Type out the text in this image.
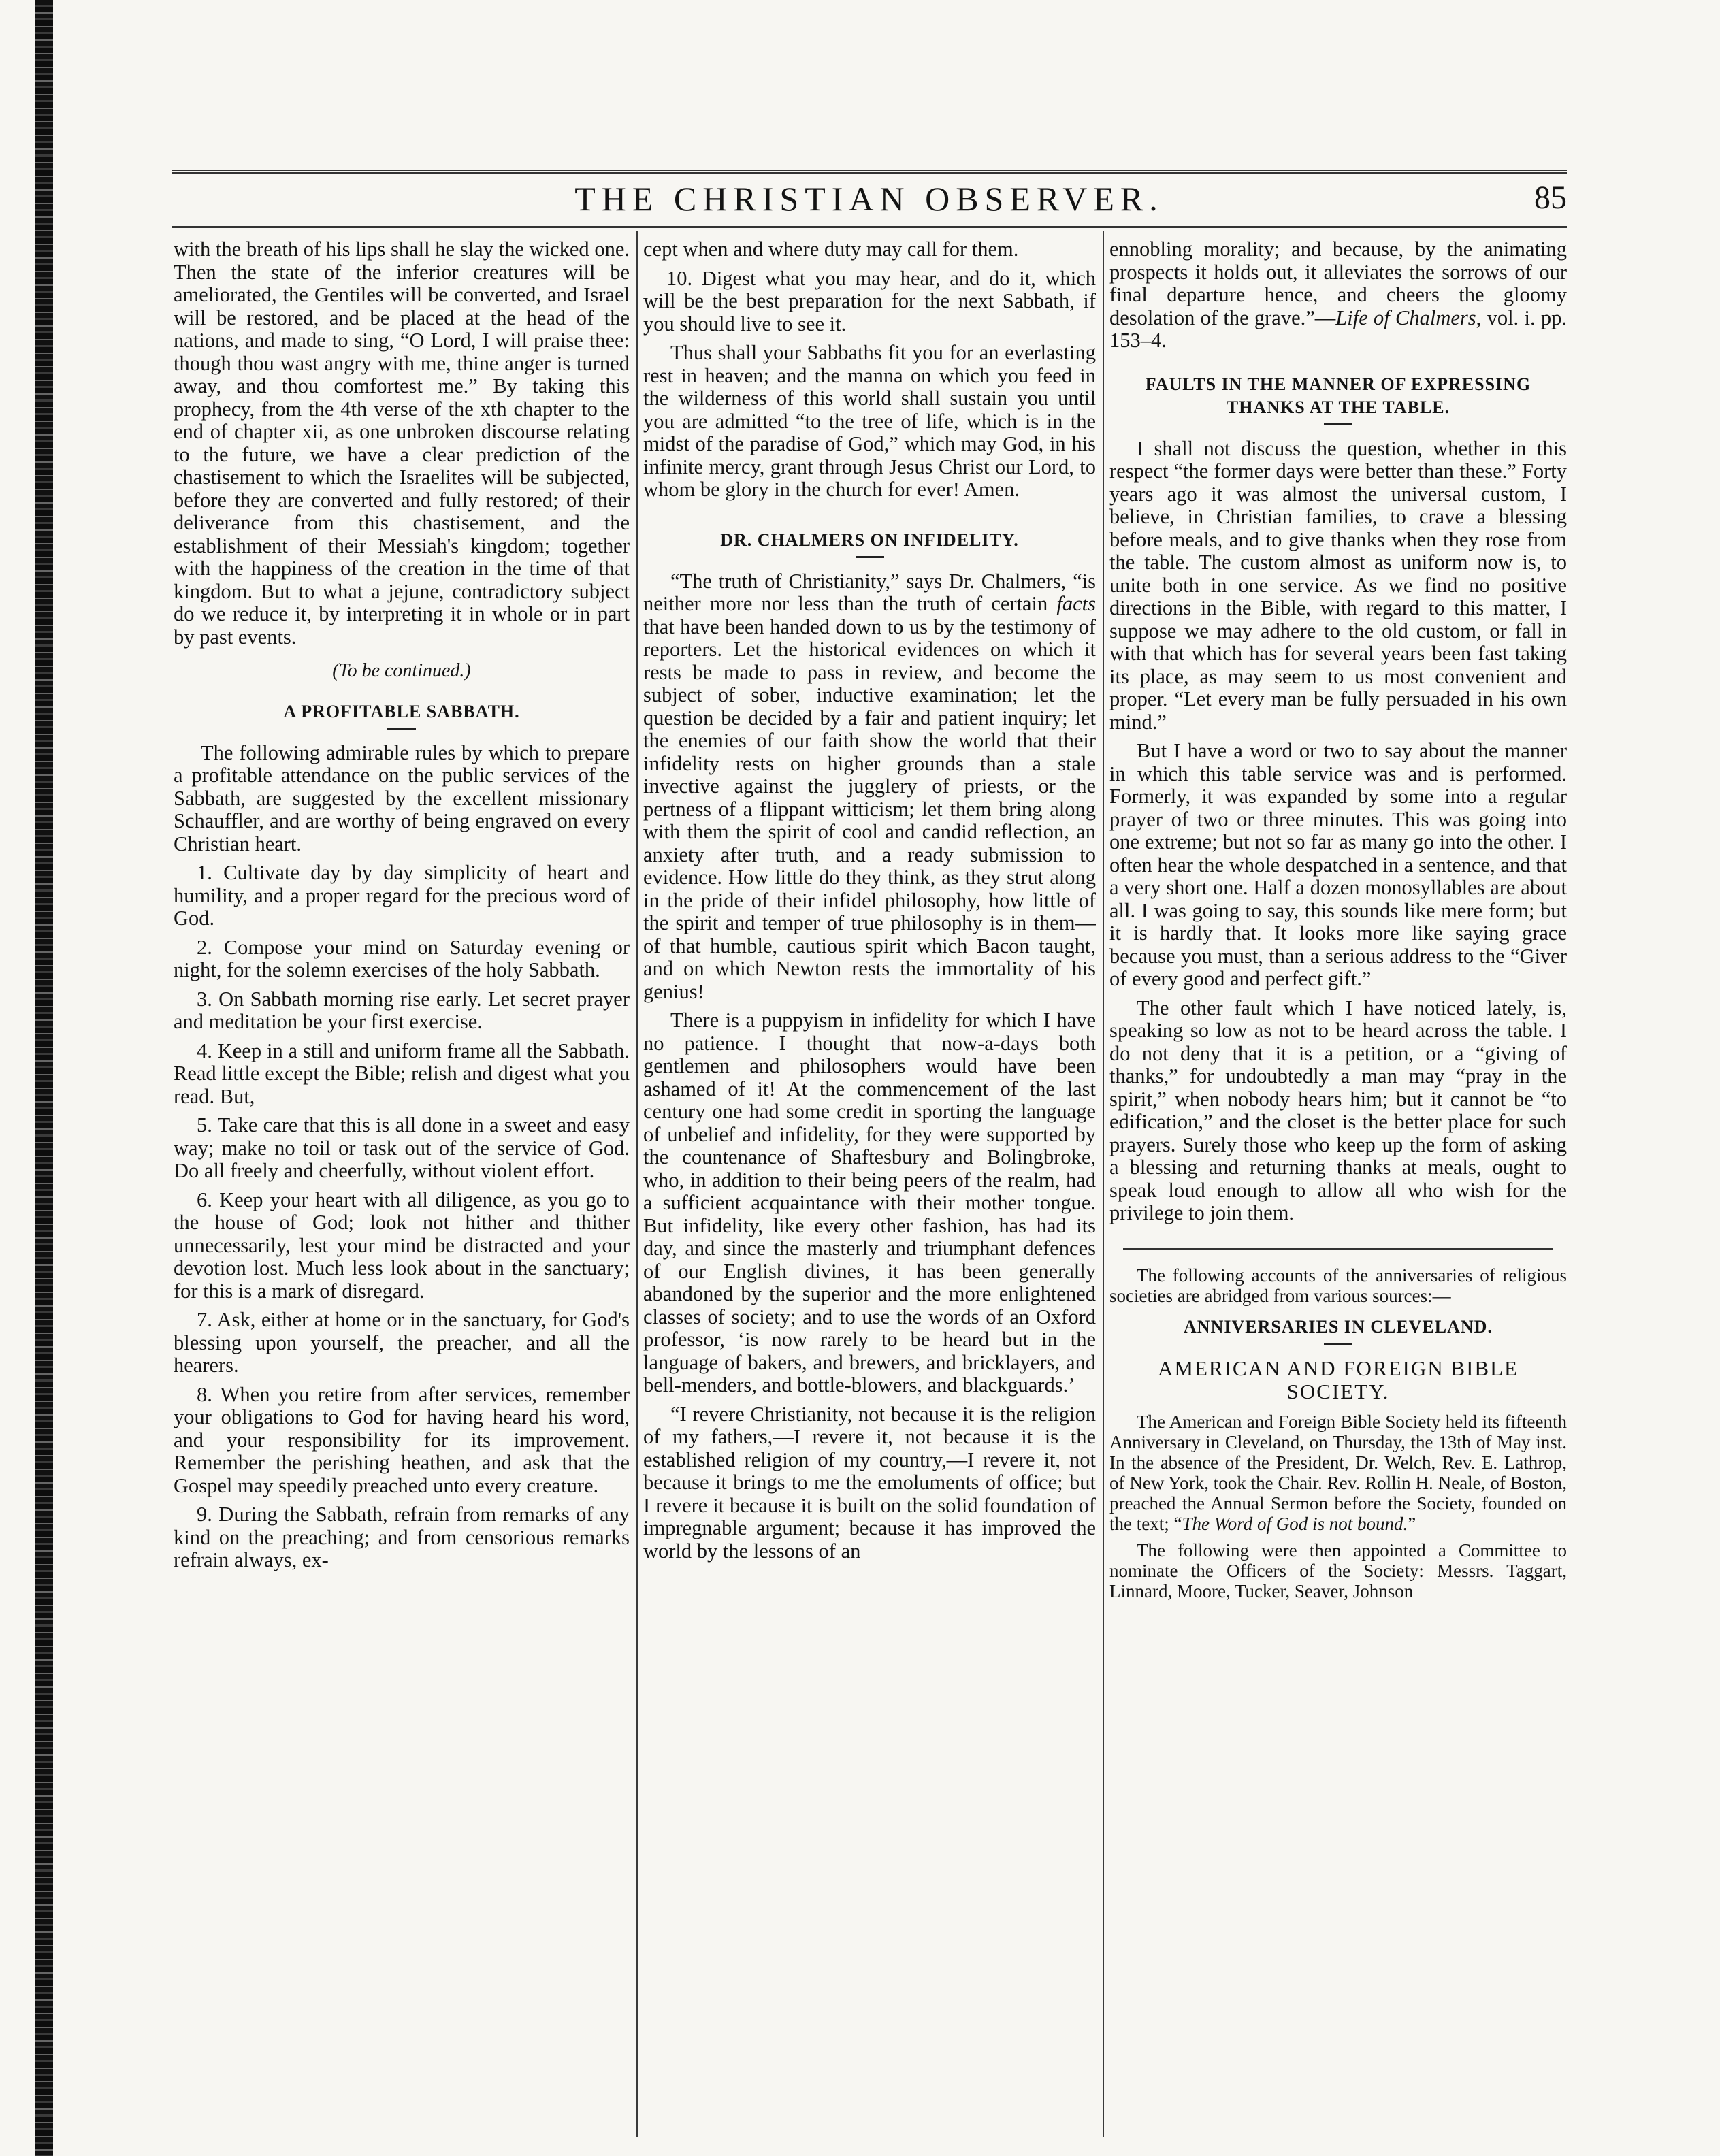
THE CHRISTIAN OBSERVER.	85

with the breath of his lips shall he slay the wicked one. Then the state of the inferior creatures will be ameliorated, the Gentiles will be converted, and Israel will be restored, and be placed at the head of the nations, and made to sing, “O Lord, I will praise thee: though thou wast angry with me, thine anger is turned away, and thou comfortest me.” By taking this prophecy, from the 4th verse of the xth chapter to the end of chapter xii, as one unbroken discourse relating to the future, we have a clear prediction of the chastisement to which the Israelites will be subjected, before they are converted and fully restored; of their deliverance from this chastisement, and the establishment of their Messiah's kingdom; together with the happiness of the creation in the time of that kingdom. But to what a jejune, contradictory subject do we reduce it, by interpreting it in whole or in part by past events.

(To be continued.)
A PROFITABLE SABBATH.

The following admirable rules by which to prepare a profitable attendance on the public services of the Sabbath, are suggested by the excellent missionary Schauffler, and are worthy of being engraved on every Christian heart.

1. Cultivate day by day simplicity of heart and humility, and a proper regard for the precious word of God.

2. Compose your mind on Saturday evening or night, for the solemn exercises of the holy Sabbath.

3. On Sabbath morning rise early. Let secret prayer and meditation be your first exercise.

4. Keep in a still and uniform frame all the Sabbath. Read little except the Bible; relish and digest what you read. But,

5. Take care that this is all done in a sweet and easy way; make no toil or task out of the service of God. Do all freely and cheerfully, without violent effort.

6. Keep your heart with all diligence, as you go to the house of God; look not hither and thither unnecessarily, lest your mind be distracted and your devotion lost. Much less look about in the sanctuary; for this is a mark of disregard.

7. Ask, either at home or in the sanctuary, for God's blessing upon yourself, the preacher, and all the hearers.

8. When you retire from after services, remember your obligations to God for having heard his word, and your responsibility for its improvement. Remember the perishing heathen, and ask that the Gospel may speedily preached unto every creature.

9. During the Sabbath, refrain from remarks of any kind on the preaching; and from censorious remarks refrain always, ex-

cept when and where duty may call for them.

10. Digest what you may hear, and do it, which will be the best preparation for the next Sabbath, if you should live to see it.

Thus shall your Sabbaths fit you for an everlasting rest in heaven; and the manna on which you feed in the wilderness of this world shall sustain you until you are admitted “to the tree of life, which is in the midst of the paradise of God,” which may God, in his infinite mercy, grant through Jesus Christ our Lord, to whom be glory in the church for ever! Amen.

DR. CHALMERS ON INFIDELITY.

“The truth of Christianity,” says Dr. Chalmers, “is neither more nor less than the truth of certain facts that have been handed down to us by the testimony of reporters. Let the historical evidences on which it rests be made to pass in review, and become the subject of sober, inductive examination; let the question be decided by a fair and patient inquiry; let the enemies of our faith show the world that their infidelity rests on higher grounds than a stale invective against the jugglery of priests, or the pertness of a flippant witticism; let them bring along with them the spirit of cool and candid reflection, an anxiety after truth, and a ready submission to evidence. How little do they think, as they strut along in the pride of their infidel philosophy, how little of the spirit and temper of true philosophy is in them—of that humble, cautious spirit which Bacon taught, and on which Newton rests the immortality of his genius!

There is a puppyism in infidelity for which I have no patience. I thought that now-a-days both gentlemen and philosophers would have been ashamed of it! At the commencement of the last century one had some credit in sporting the language of unbelief and infidelity, for they were supported by the countenance of Shaftesbury and Bolingbroke, who, in addition to their being peers of the realm, had a sufficient acquaintance with their mother tongue. But infidelity, like every other fashion, has had its day, and since the masterly and triumphant defences of our English divines, it has been generally abandoned by the superior and the more enlightened classes of society; and to use the words of an Oxford professor, ‘is now rarely to be heard but in the language of bakers, and brewers, and bricklayers, and bell-menders, and bottle-blowers, and blackguards.’

“I revere Christianity, not because it is the religion of my fathers,—I revere it, not because it is the established religion of my country,—I revere it, not because it brings to me the emoluments of office; but I revere it because it is built on the solid foundation of impregnable argument; because it has improved the world by the lessons of an

ennobling morality; and because, by the animating prospects it holds out, it alleviates the sorrows of our final departure hence, and cheers the gloomy desolation of the grave.”—Life of Chalmers, vol. i. pp. 153–4.

FAULTS IN THE MANNER OF EXPRESSING THANKS AT THE TABLE.

I shall not discuss the question, whether in this respect “the former days were better than these.” Forty years ago it was almost the universal custom, I believe, in Christian families, to crave a blessing before meals, and to give thanks when they rose from the table. The custom almost as uniform now is, to unite both in one service. As we find no positive directions in the Bible, with regard to this matter, I suppose we may adhere to the old custom, or fall in with that which has for several years been fast taking its place, as may seem to us most convenient and proper. “Let every man be fully persuaded in his own mind.”

But I have a word or two to say about the manner in which this table service was and is performed. Formerly, it was expanded by some into a regular prayer of two or three minutes. This was going into one extreme; but not so far as many go into the other. I often hear the whole despatched in a sentence, and that a very short one. Half a dozen monosyllables are about all. I was going to say, this sounds like mere form; but it is hardly that. It looks more like saying grace because you must, than a serious address to the “Giver of every good and perfect gift.”

The other fault which I have noticed lately, is, speaking so low as not to be heard across the table. I do not deny that it is a petition, or a “giving of thanks,” for undoubtedly a man may “pray in the spirit,” when nobody hears him; but it cannot be “to edification,” and the closet is the better place for such prayers. Surely those who keep up the form of asking a blessing and returning thanks at meals, ought to speak loud enough to allow all who wish for the privilege to join them.

The following accounts of the anniversaries of religious societies are abridged from various sources:—

ANNIVERSARIES IN CLEVELAND.
AMERICAN AND FOREIGN BIBLE SOCIETY.

The American and Foreign Bible Society held its fifteenth Anniversary in Cleveland, on Thursday, the 13th of May inst. In the absence of the President, Dr. Welch, Rev. E. Lathrop, of New York, took the Chair. Rev. Rollin H. Neale, of Boston, preached the Annual Sermon before the Society, founded on the text; “The Word of God is not bound.”

The following were then appointed a Committee to nominate the Officers of the Society: Messrs. Taggart, Linnard, Moore, Tucker, Seaver, Johnson
